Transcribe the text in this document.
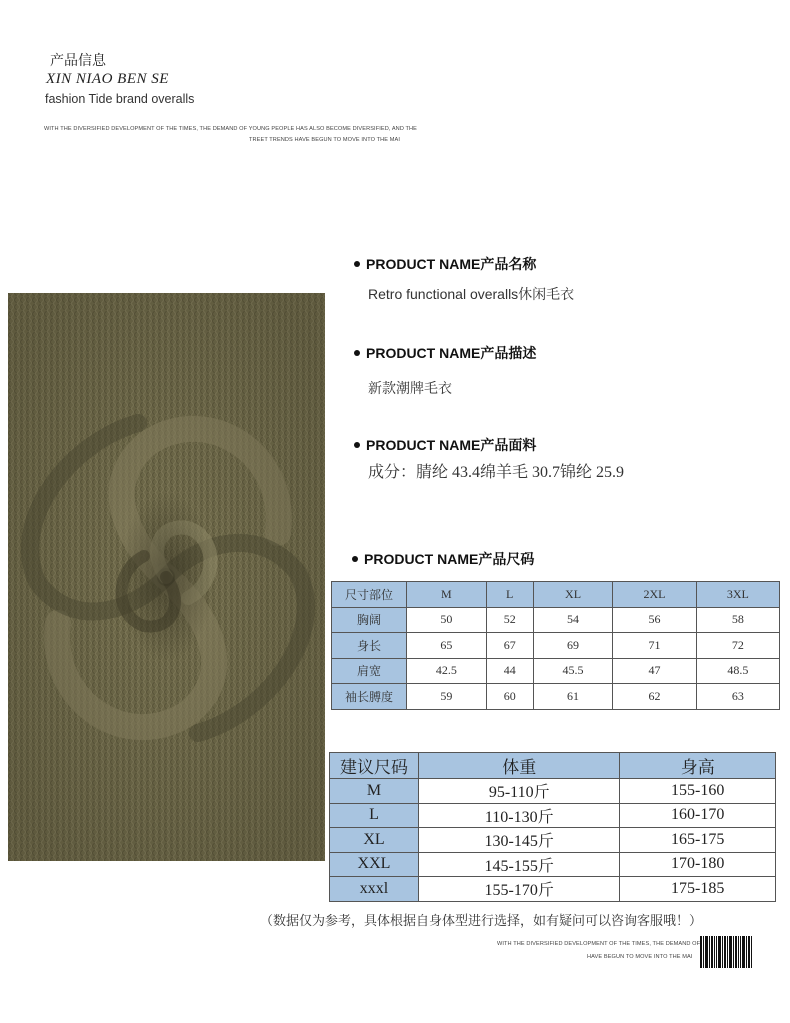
产品信息
XIN NIAO BEN SE
fashion Tide brand overalls
WITH THE DIVERSIFIED DEVELOPMENT OF THE TIMES, THE DEMAND OF YOUNG PEOPLE HAS ALSO BECOME DIVERSIFIED, AND THE
TREET TRENDS HAVE BEGUN TO MOVE INTO THE MAI
PRODUCT NAME产品名称
Retro functional overalls休闲毛衣
PRODUCT NAME产品描述
新款潮牌毛衣
PRODUCT NAME产品面料
成分：腈纶 43.4绵羊毛 30.7锦纶 25.9
PRODUCT NAME产品尺码
尺寸部位	M	L	XL	2XL	3XL
胸阔	50	52	54	56	58
身长	65	67	69	71	72
肩宽	42.5	44	45.5	47	48.5
袖长膊度	59	60	61	62	63
建议尺码	体重	身高
M	95-110斤	155-160
L	110-130斤	160-170
XL	130-145斤	165-175
XXL	145-155斤	170-180
xxxl	155-170斤	175-185
（数据仅为参考，具体根据自身体型进行选择，如有疑问可以咨询客服哦！）
WITH THE DIVERSIFIED DEVELOPMENT OF THE TIMES, THE DEMAND OF
HAVE BEGUN TO MOVE INTO THE MAI
